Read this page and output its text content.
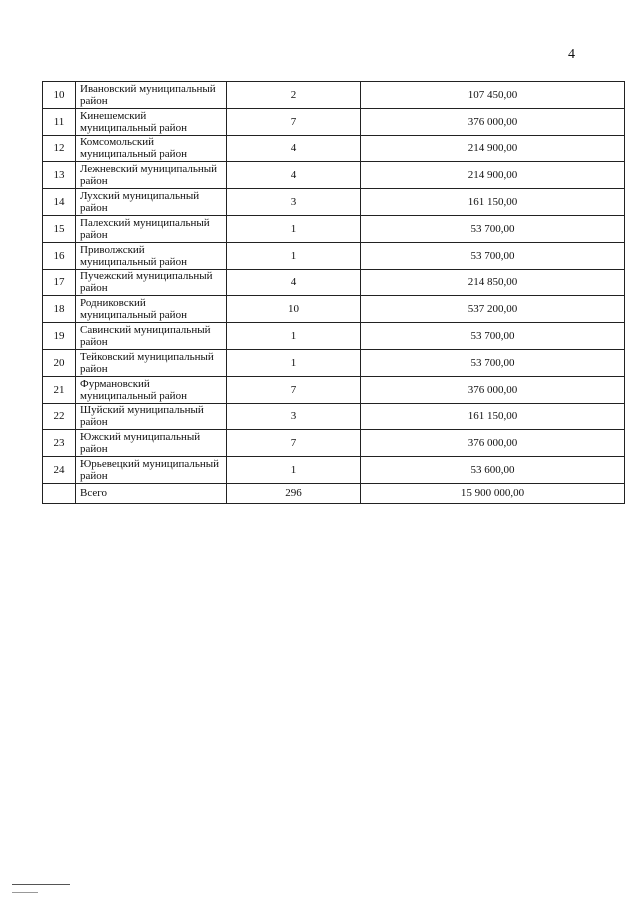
4
10	Ивановский муниципальный район	2	107 450,00
11	Кинешемский муниципальный район	7	376 000,00
12	Комсомольский муниципальный район	4	214 900,00
13	Лежневский муниципальный район	4	214 900,00
14	Лухский муниципальный район	3	161 150,00
15	Палехский муниципальный район	1	53 700,00
16	Приволжский муниципальный район	1	53 700,00
17	Пучежский муниципальный район	4	214 850,00
18	Родниковский муниципальный район	10	537 200,00
19	Савинский муниципальный район	1	53 700,00
20	Тейковский муниципальный район	1	53 700,00
21	Фурмановский муниципальный район	7	376 000,00
22	Шуйский муниципальный район	3	161 150,00
23	Южский муниципальный район	7	376 000,00
24	Юрьевецкий муниципальный район	1	53 600,00
	Всего	296	15 900 000,00
